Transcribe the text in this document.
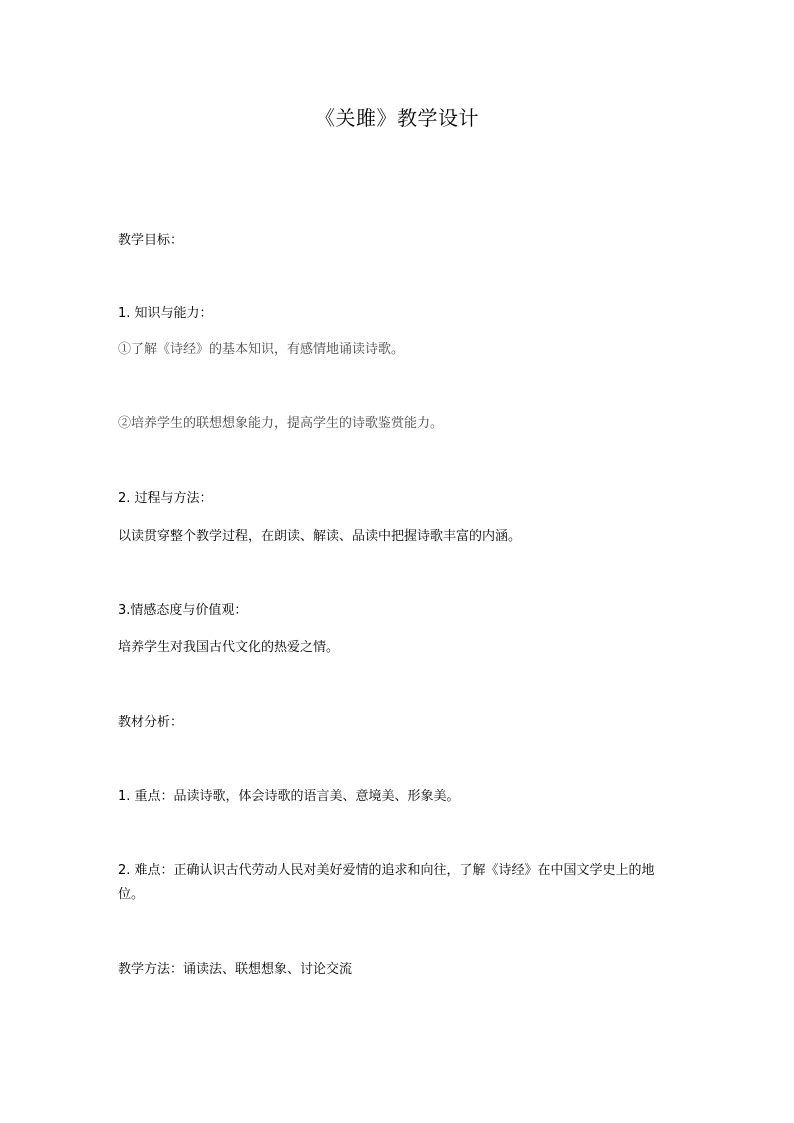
《关雎》教学设计
教学目标：
1. 知识与能力：
①了解《诗经》的基本知识，有感情地诵读诗歌。
②培养学生的联想想象能力，提高学生的诗歌鉴赏能力。
2. 过程与方法：
以读贯穿整个教学过程，在朗读、解读、品读中把握诗歌丰富的内涵。
3.情感态度与价值观：
培养学生对我国古代文化的热爱之情。
教材分析：
1. 重点：品读诗歌，体会诗歌的语言美、意境美、形象美。
2. 难点：正确认识古代劳动人民对美好爱情的追求和向往，了解《诗经》在中国文学史上的地位。
教学方法：诵读法、联想想象、讨论交流
